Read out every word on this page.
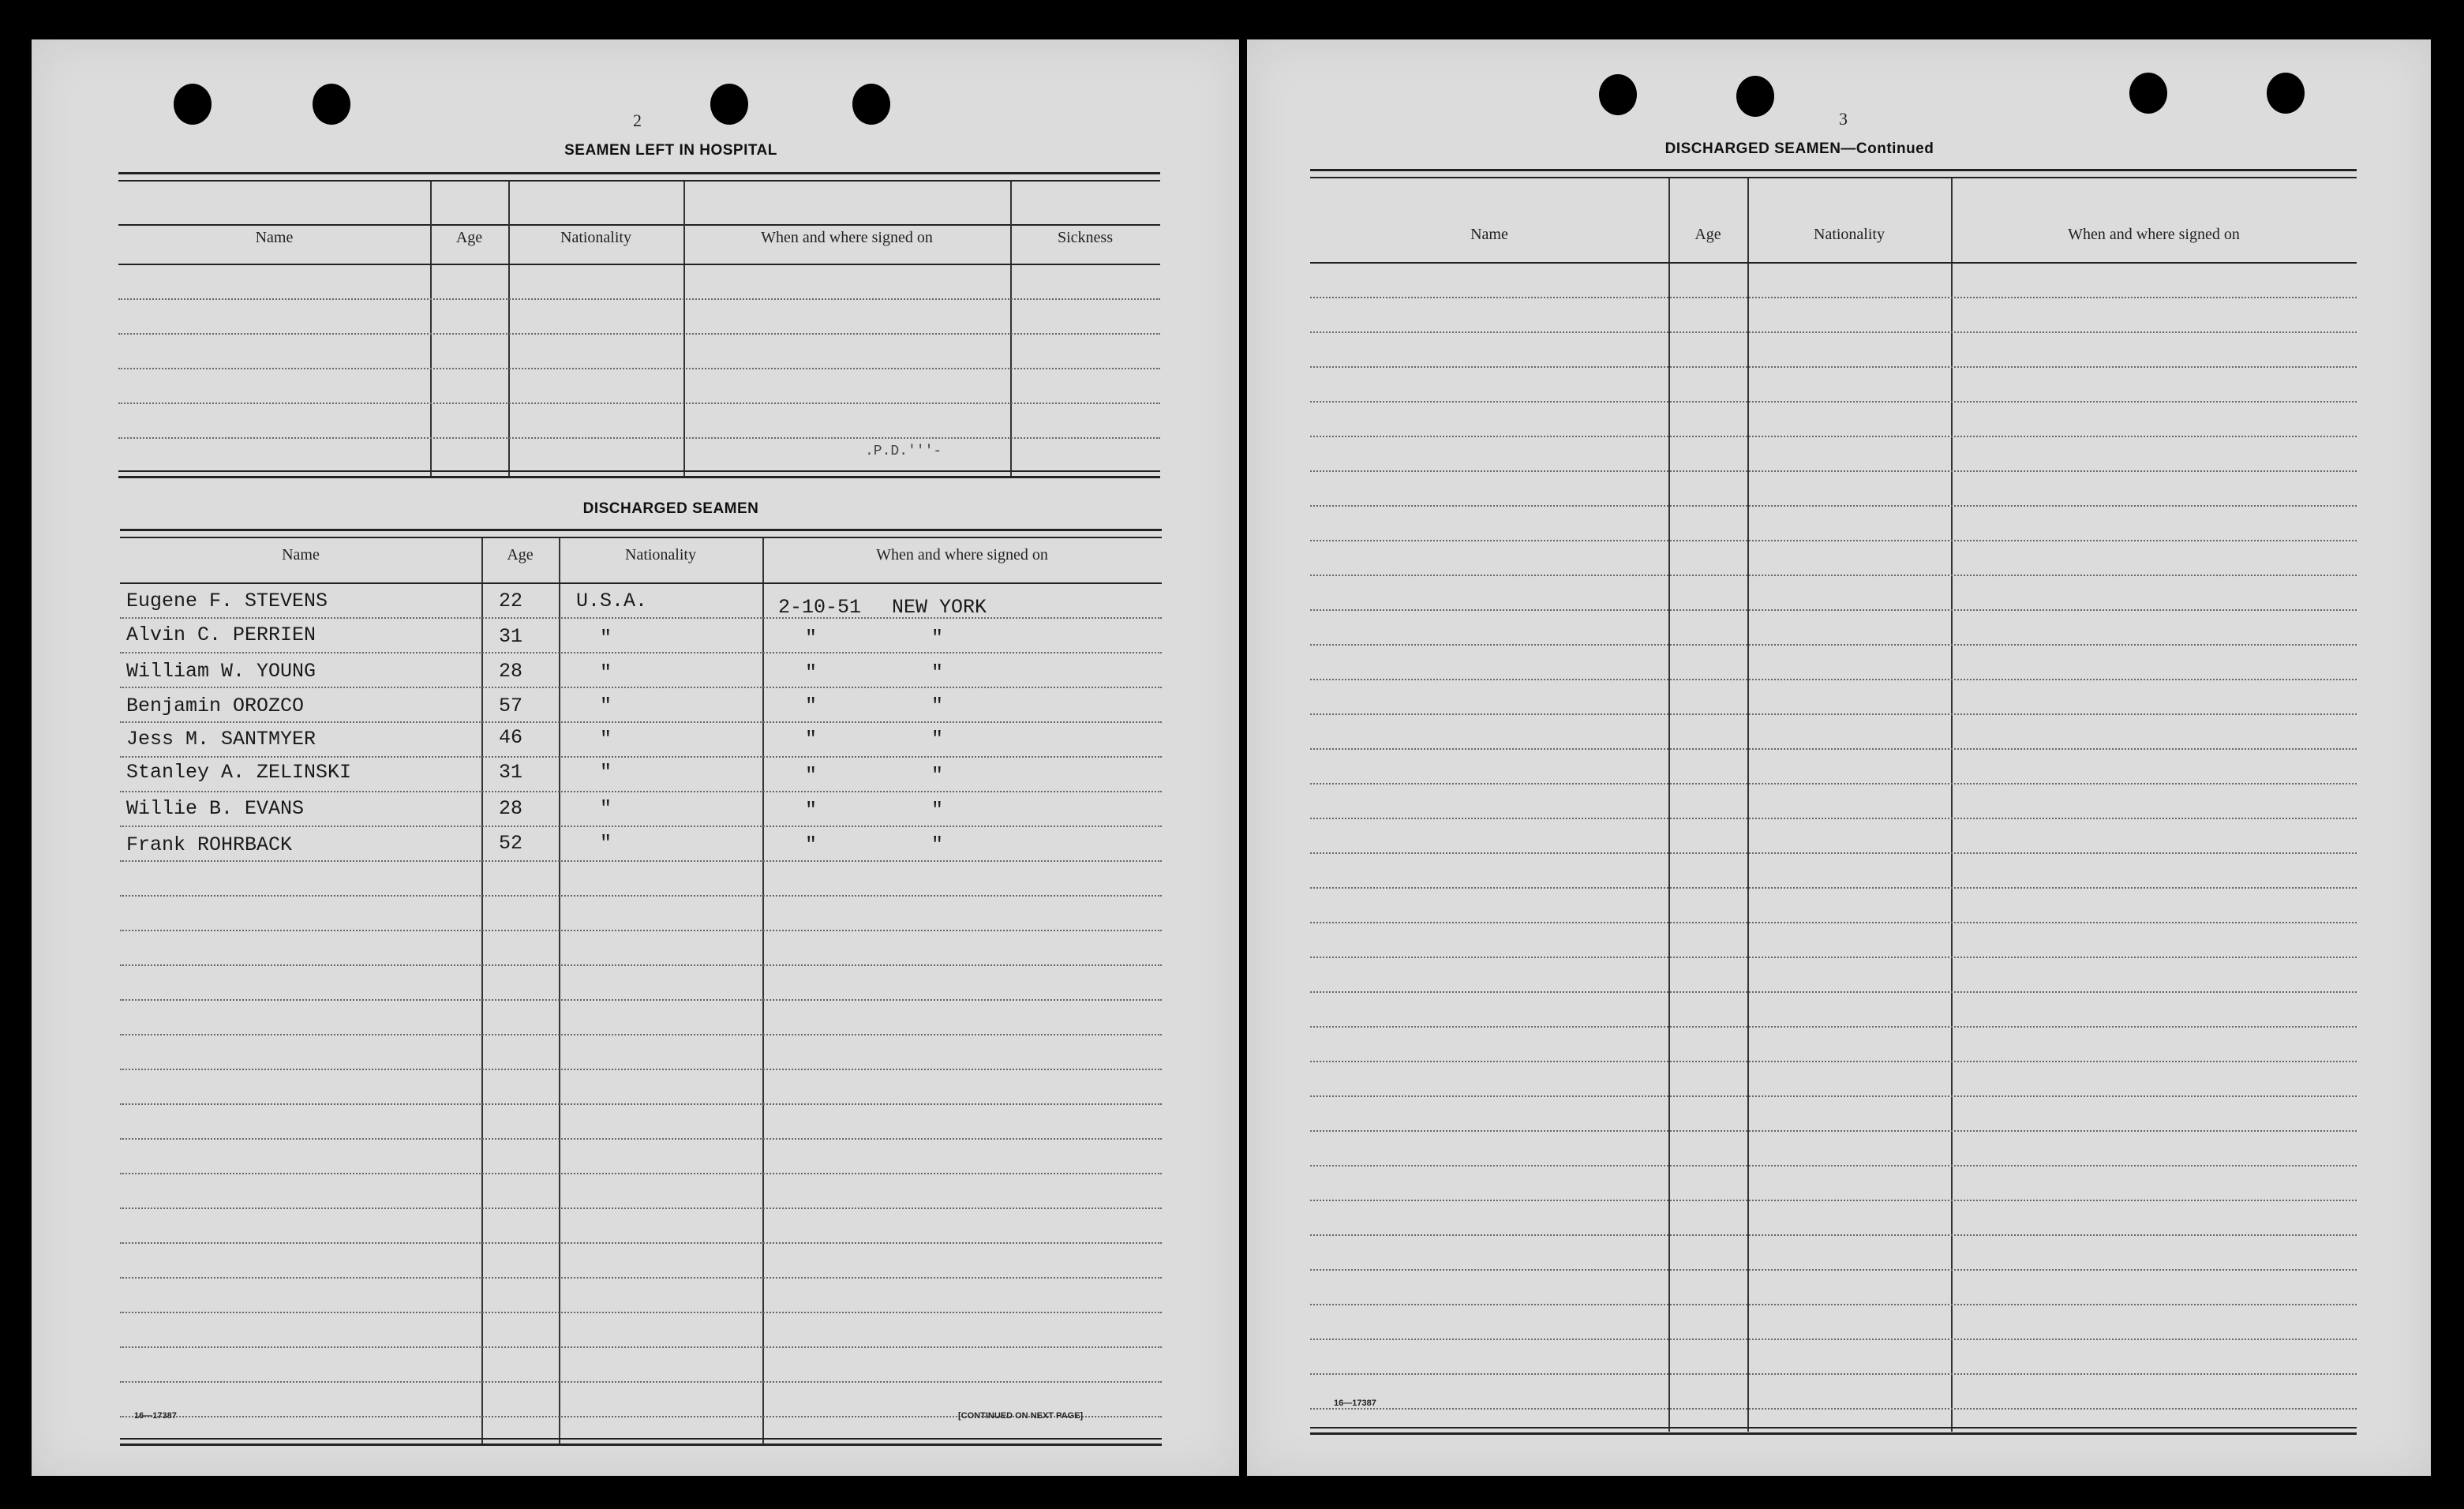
2
SEAMEN LEFT IN HOSPITAL
Name	Age	Nationality	When and where signed on	Sickness
.P.D.'''-
DISCHARGED SEAMEN
Name	Age	Nationality	When and where signed on
Eugene F. STEVENS	22	U.S.A.	2-10-51 NEW YORK
Alvin C. PERRIEN	31	"	"	"
William W. YOUNG	28	"	"	"
Benjamin OROZCO	57	"	"	"
Jess M. SANTMYER	46	"	"	"
Stanley A. ZELINSKI	31	"	"	"
Willie B. EVANS	28	"	"	"
Frank ROHRBACK	52	"	"	"
16—17387	[CONTINUED ON NEXT PAGE]
3
DISCHARGED SEAMEN—Continued
Name	Age	Nationality	When and where signed on
16—17387
